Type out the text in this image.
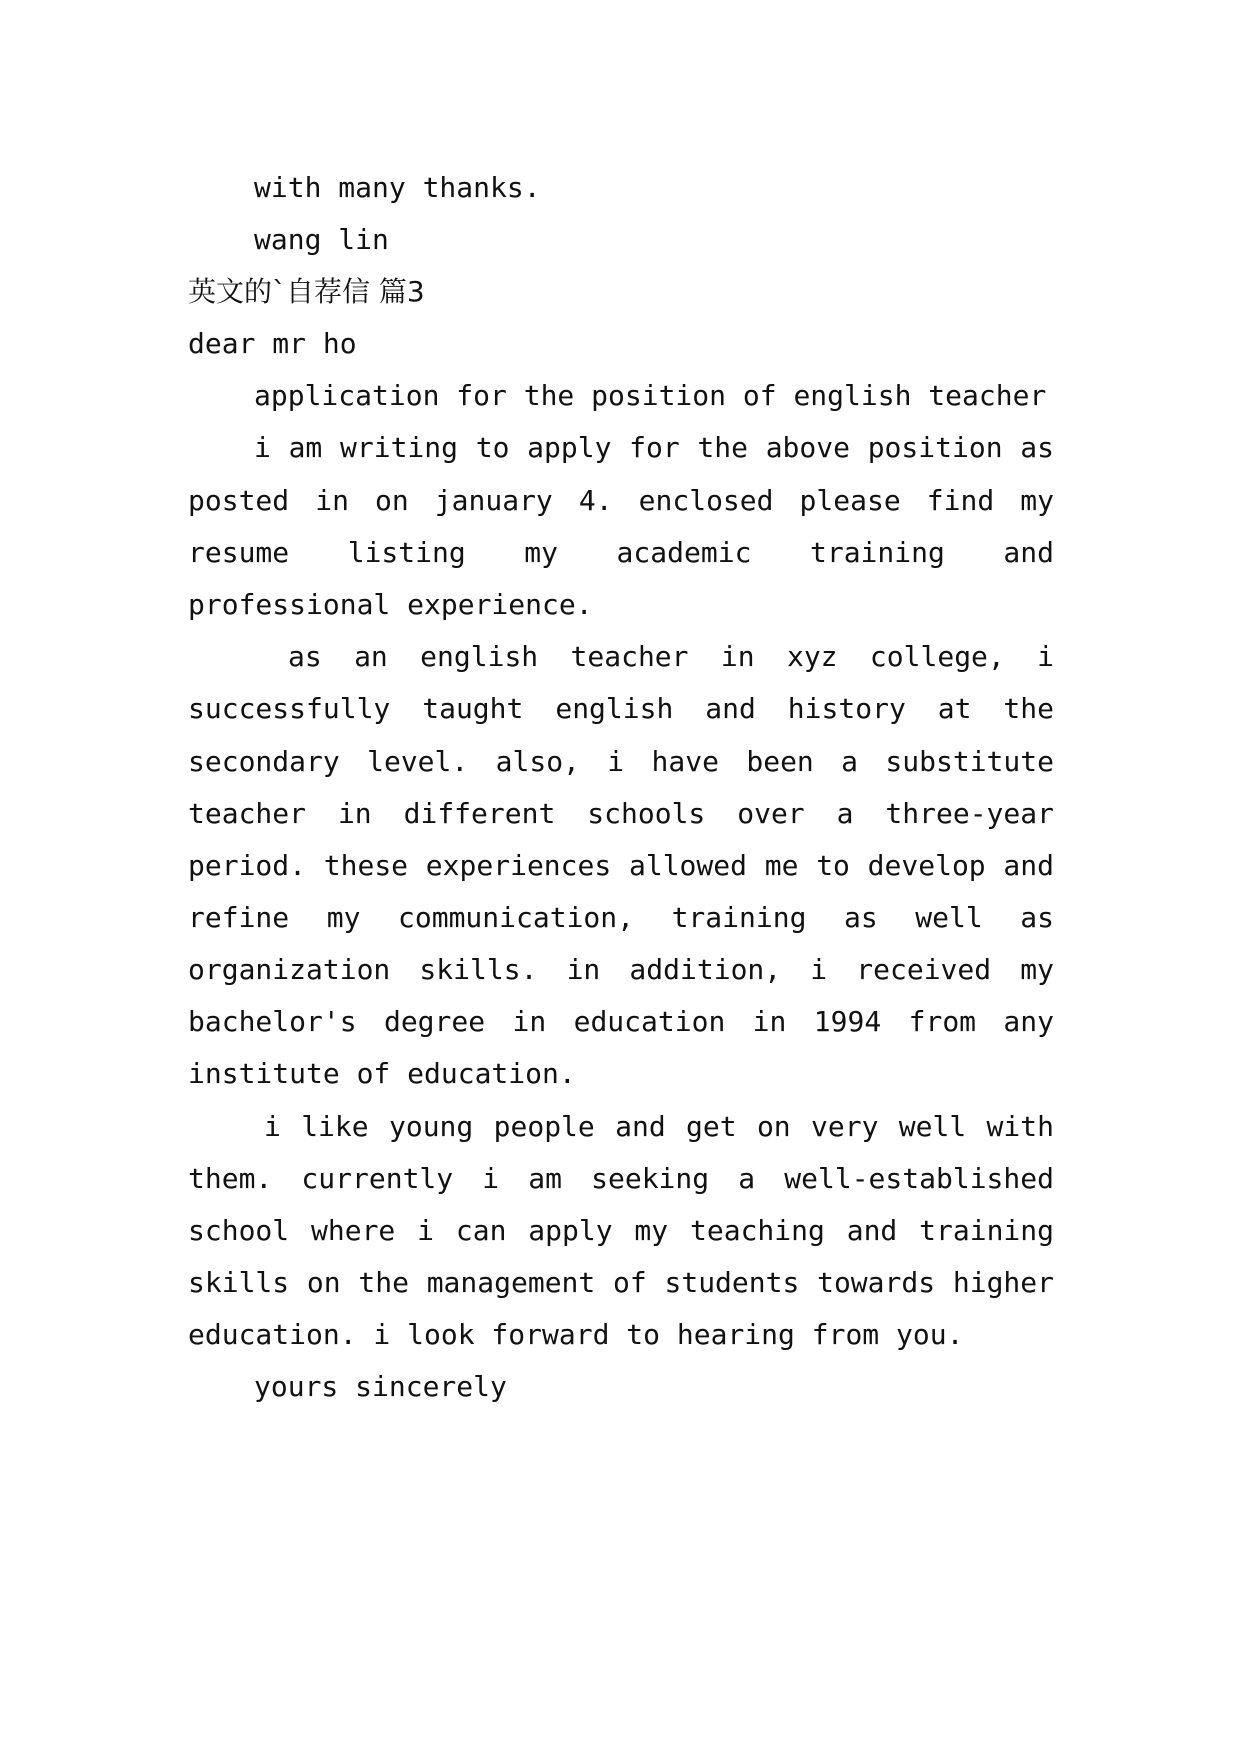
with many thanks.
wang lin
英文的`自荐信 篇3
dear mr ho
application for the position of english teacher
i am writing to apply for the above position as
posted in on january 4. enclosed please find my
resume listing my academic training and
professional experience.
as an english teacher in xyz college, i
successfully taught english and history at the
secondary level. also, i have been a substitute
teacher in different schools over a three-year
period. these experiences allowed me to develop and
refine my communication, training as well as
organization skills. in addition, i received my
bachelor's degree in education in 1994 from any
institute of education.
i like young people and get on very well with
them. currently i am seeking a well-established
school where i can apply my teaching and training
skills on the management of students towards higher
education. i look forward to hearing from you.
yours sincerely
